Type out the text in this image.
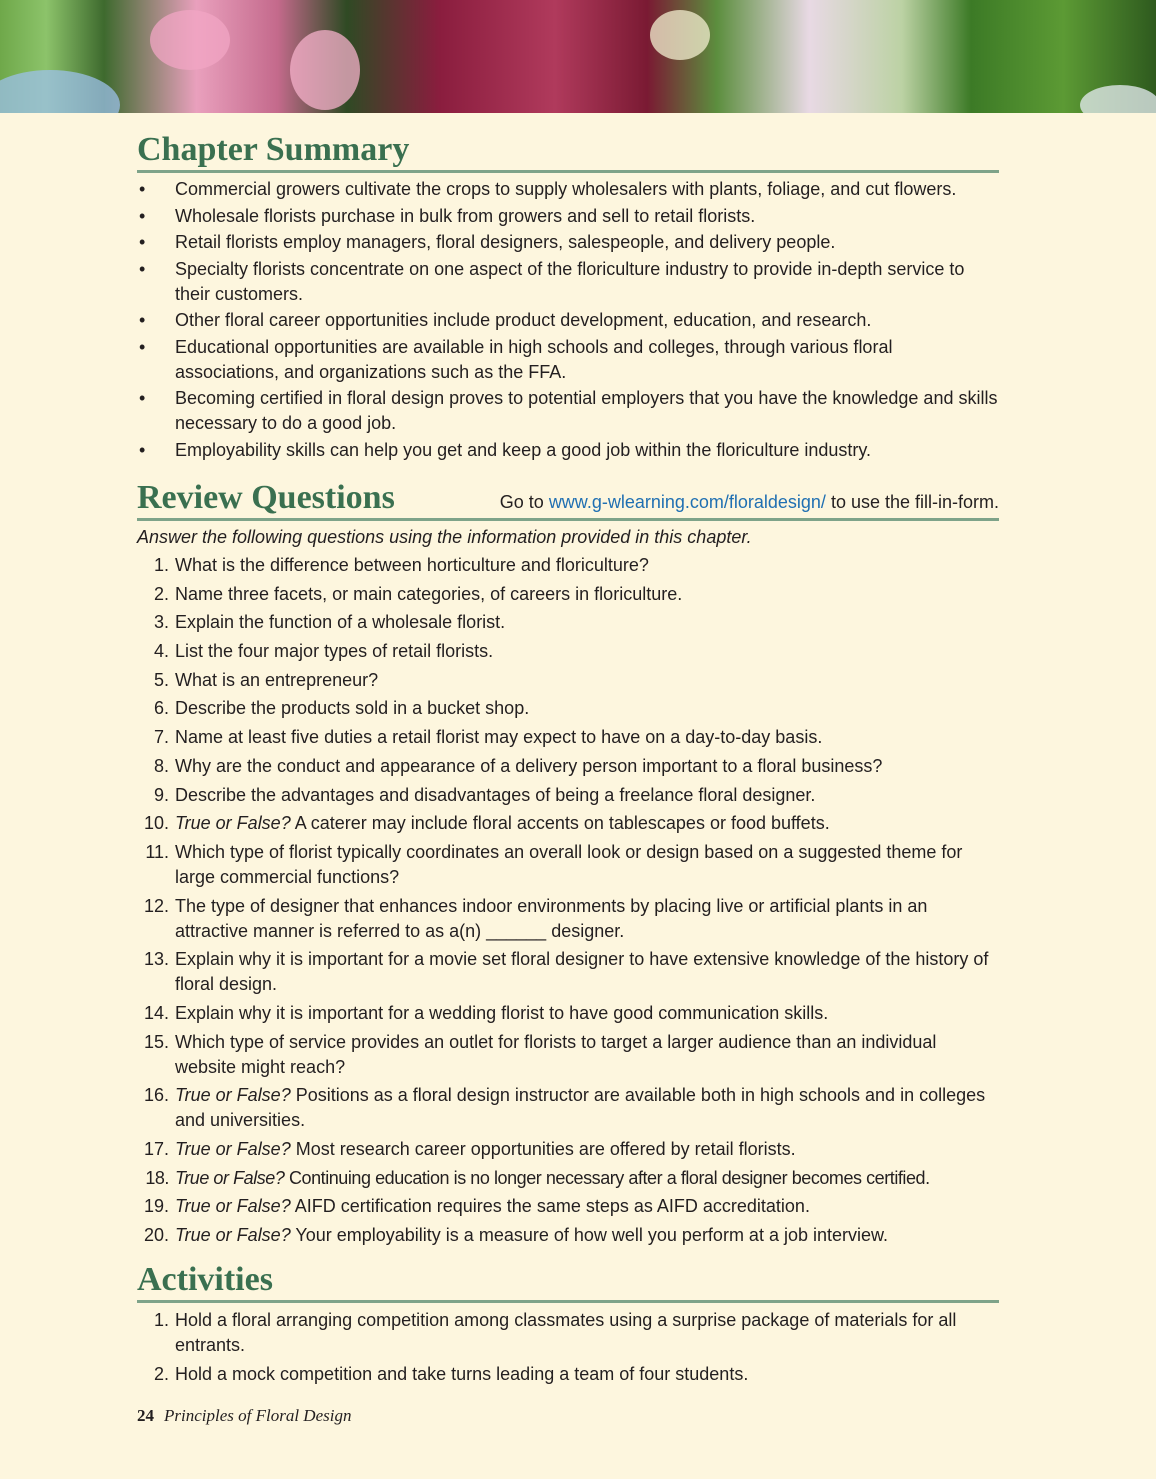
Chapter Summary
• Commercial growers cultivate the crops to supply wholesalers with plants, foliage, and cut flowers.
• Wholesale florists purchase in bulk from growers and sell to retail florists.
• Retail florists employ managers, floral designers, salespeople, and delivery people.
• Specialty florists concentrate on one aspect of the floriculture industry to provide in-depth service to their customers.
• Other floral career opportunities include product development, education, and research.
• Educational opportunities are available in high schools and colleges, through various floral associations, and organizations such as the FFA.
• Becoming certified in floral design proves to potential employers that you have the knowledge and skills necessary to do a good job.
• Employability skills can help you get and keep a good job within the floriculture industry.
Review Questions	Go to www.g-wlearning.com/floraldesign/ to use the fill-in-form.
Answer the following questions using the information provided in this chapter.
1. What is the difference between horticulture and floriculture?
2. Name three facets, or main categories, of careers in floriculture.
3. Explain the function of a wholesale florist.
4. List the four major types of retail florists.
5. What is an entrepreneur?
6. Describe the products sold in a bucket shop.
7. Name at least five duties a retail florist may expect to have on a day-to-day basis.
8. Why are the conduct and appearance of a delivery person important to a floral business?
9. Describe the advantages and disadvantages of being a freelance floral designer.
10. True or False? A caterer may include floral accents on tablescapes or food buffets.
11. Which type of florist typically coordinates an overall look or design based on a suggested theme for large commercial functions?
12. The type of designer that enhances indoor environments by placing live or artificial plants in an attractive manner is referred to as a(n) ______ designer.
13. Explain why it is important for a movie set floral designer to have extensive knowledge of the history of floral design.
14. Explain why it is important for a wedding florist to have good communication skills.
15. Which type of service provides an outlet for florists to target a larger audience than an individual website might reach?
16. True or False? Positions as a floral design instructor are available both in high schools and in colleges and universities.
17. True or False? Most research career opportunities are offered by retail florists.
18. True or False? Continuing education is no longer necessary after a floral designer becomes certified.
19. True or False? AIFD certification requires the same steps as AIFD accreditation.
20. True or False? Your employability is a measure of how well you perform at a job interview.
Activities
1. Hold a floral arranging competition among classmates using a surprise package of materials for all entrants.
2. Hold a mock competition and take turns leading a team of four students.
24 Principles of Floral Design
